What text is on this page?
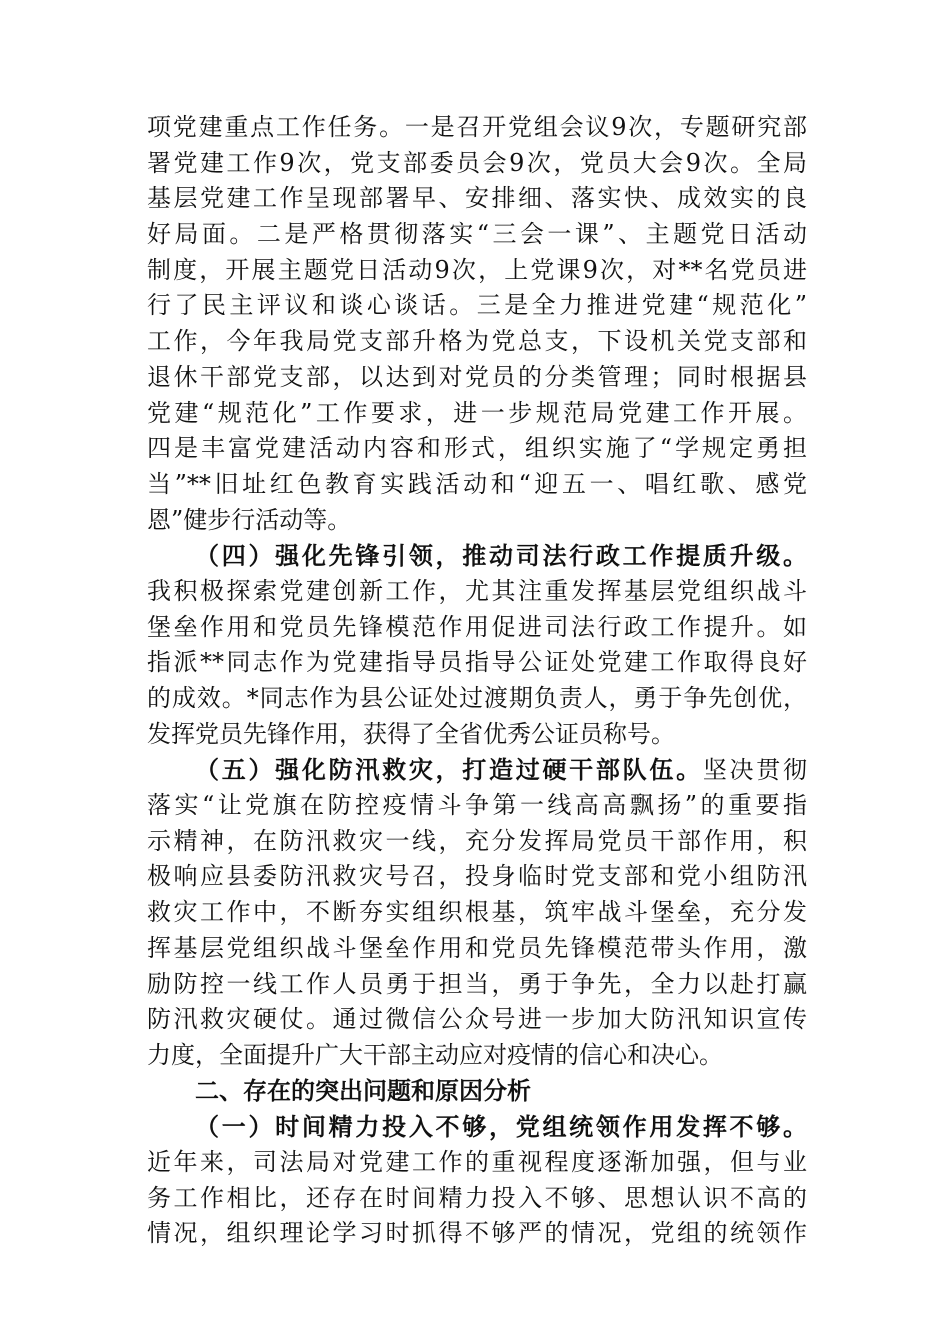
项党建重点工作任务。一是召开党组会议9次，专题研究部
署党建工作9次，党支部委员会9次，党员大会9次。全局
基层党建工作呈现部署早、安排细、落实快、成效实的良
好局面。二是严格贯彻落实“三会一课”、主题党日活动
制度，开展主题党日活动9次，上党课9次，对**名党员进
行了民主评议和谈心谈话。三是全力推进党建“规范化”
工作，今年我局党支部升格为党总支，下设机关党支部和
退休干部党支部，以达到对党员的分类管理；同时根据县
党建“规范化”工作要求，进一步规范局党建工作开展。
四是丰富党建活动内容和形式，组织实施了“学规定勇担
当”**旧址红色教育实践活动和“迎五一、唱红歌、感党
恩”健步行活动等。
（四）强化先锋引领，推动司法行政工作提质升级。
我积极探索党建创新工作，尤其注重发挥基层党组织战斗
堡垒作用和党员先锋模范作用促进司法行政工作提升。如
指派**同志作为党建指导员指导公证处党建工作取得良好
的成效。*同志作为县公证处过渡期负责人，勇于争先创优，
发挥党员先锋作用，获得了全省优秀公证员称号。
（五）强化防汛救灾，打造过硬干部队伍。坚决贯彻
落实“让党旗在防控疫情斗争第一线高高飘扬”的重要指
示精神，在防汛救灾一线，充分发挥局党员干部作用，积
极响应县委防汛救灾号召，投身临时党支部和党小组防汛
救灾工作中，不断夯实组织根基，筑牢战斗堡垒，充分发
挥基层党组织战斗堡垒作用和党员先锋模范带头作用，激
励防控一线工作人员勇于担当，勇于争先，全力以赴打赢
防汛救灾硬仗。通过微信公众号进一步加大防汛知识宣传
力度，全面提升广大干部主动应对疫情的信心和决心。
二、存在的突出问题和原因分析
（一）时间精力投入不够，党组统领作用发挥不够。
近年来，司法局对党建工作的重视程度逐渐加强，但与业
务工作相比，还存在时间精力投入不够、思想认识不高的
情况，组织理论学习时抓得不够严的情况，党组的统领作
